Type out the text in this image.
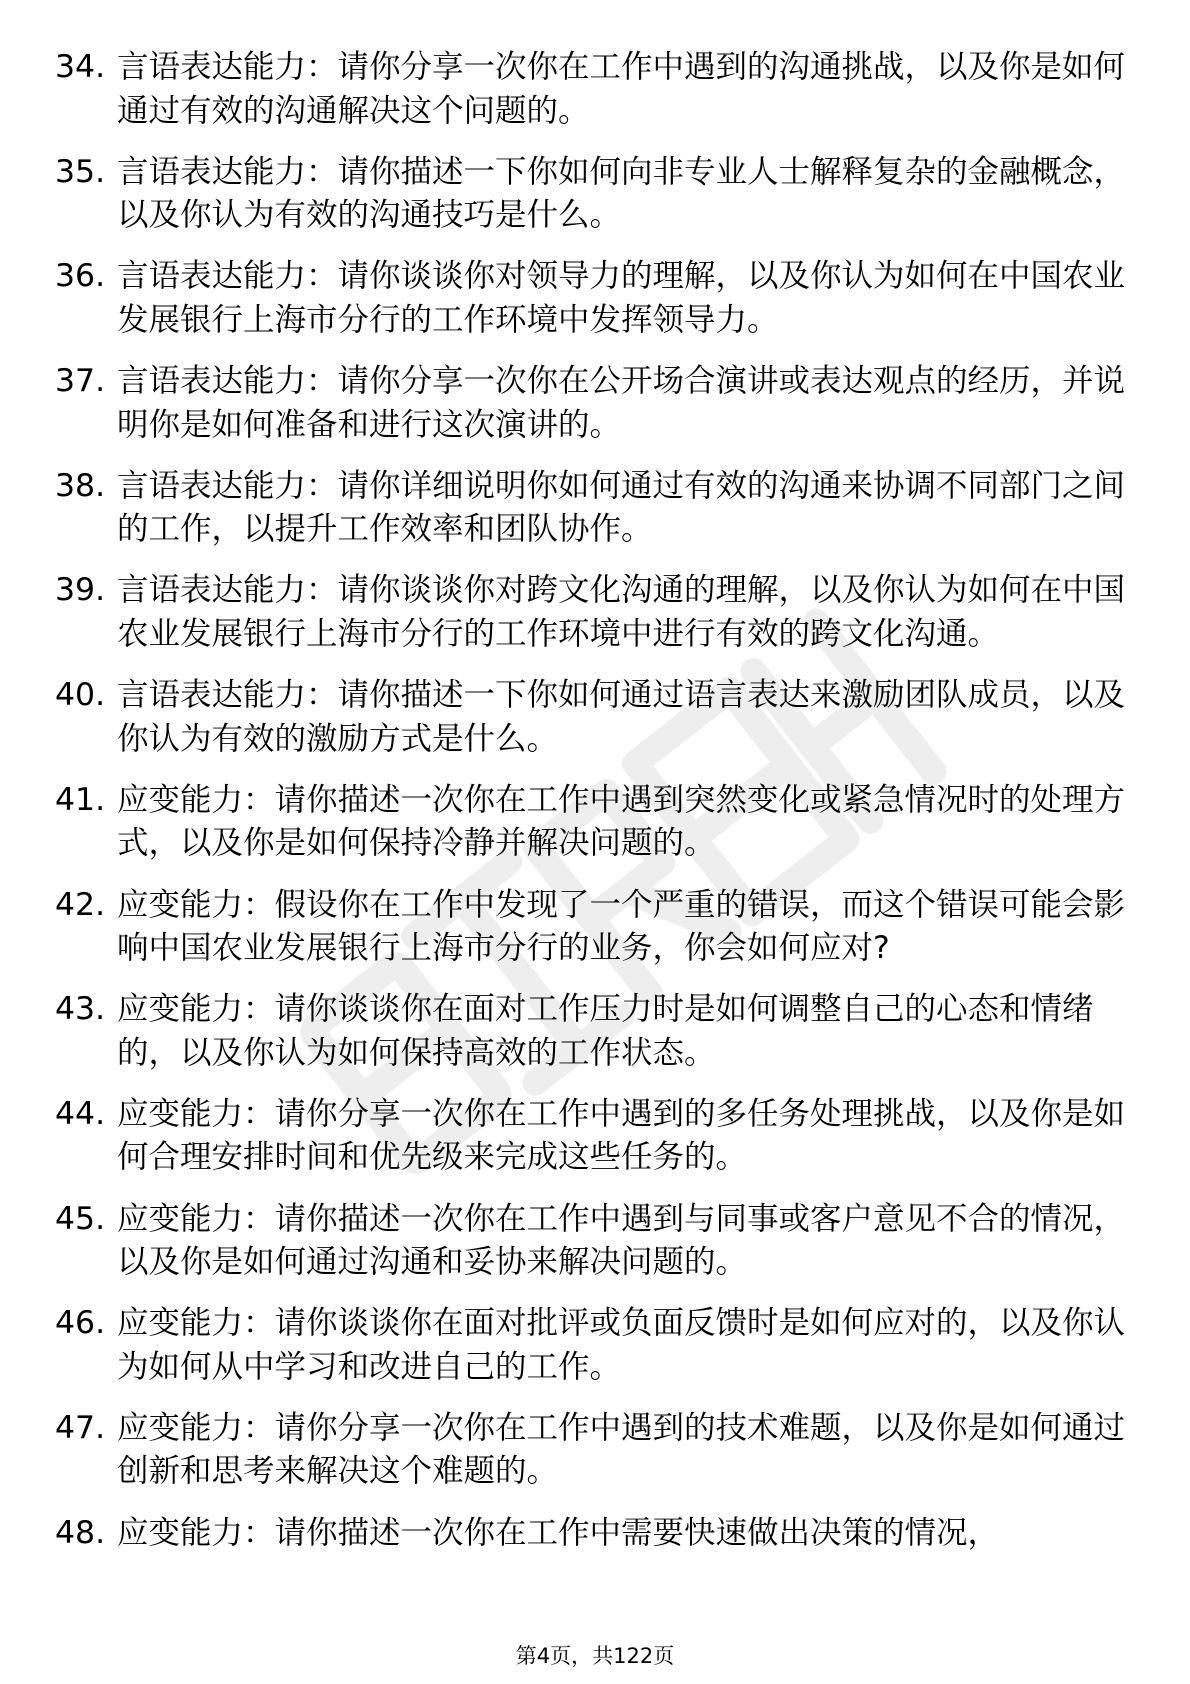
34. 言语表达能力：请你分享一次你在工作中遇到的沟通挑战，以及你是如何通过有效的沟通解决这个问题的。
35. 言语表达能力：请你描述一下你如何向非专业人士解释复杂的金融概念，以及你认为有效的沟通技巧是什么。
36. 言语表达能力：请你谈谈你对领导力的理解，以及你认为如何在中国农业发展银行上海市分行的工作环境中发挥领导力。
37. 言语表达能力：请你分享一次你在公开场合演讲或表达观点的经历，并说明你是如何准备和进行这次演讲的。
38. 言语表达能力：请你详细说明你如何通过有效的沟通来协调不同部门之间的工作，以提升工作效率和团队协作。
39. 言语表达能力：请你谈谈你对跨文化沟通的理解，以及你认为如何在中国农业发展银行上海市分行的工作环境中进行有效的跨文化沟通。
40. 言语表达能力：请你描述一下你如何通过语言表达来激励团队成员，以及你认为有效的激励方式是什么。
41. 应变能力：请你描述一次你在工作中遇到突然变化或紧急情况时的处理方式，以及你是如何保持冷静并解决问题的。
42. 应变能力：假设你在工作中发现了一个严重的错误，而这个错误可能会影响中国农业发展银行上海市分行的业务，你会如何应对?
43. 应变能力：请你谈谈你在面对工作压力时是如何调整自己的心态和情绪的，以及你认为如何保持高效的工作状态。
44. 应变能力：请你分享一次你在工作中遇到的多任务处理挑战，以及你是如何合理安排时间和优先级来完成这些任务的。
45. 应变能力：请你描述一次你在工作中遇到与同事或客户意见不合的情况，以及你是如何通过沟通和妥协来解决问题的。
46. 应变能力：请你谈谈你在面对批评或负面反馈时是如何应对的，以及你认为如何从中学习和改进自己的工作。
47. 应变能力：请你分享一次你在工作中遇到的技术难题，以及你是如何通过创新和思考来解决这个难题的。
48. 应变能力：请你描述一次你在工作中需要快速做出决策的情况，
第4页，共122页
